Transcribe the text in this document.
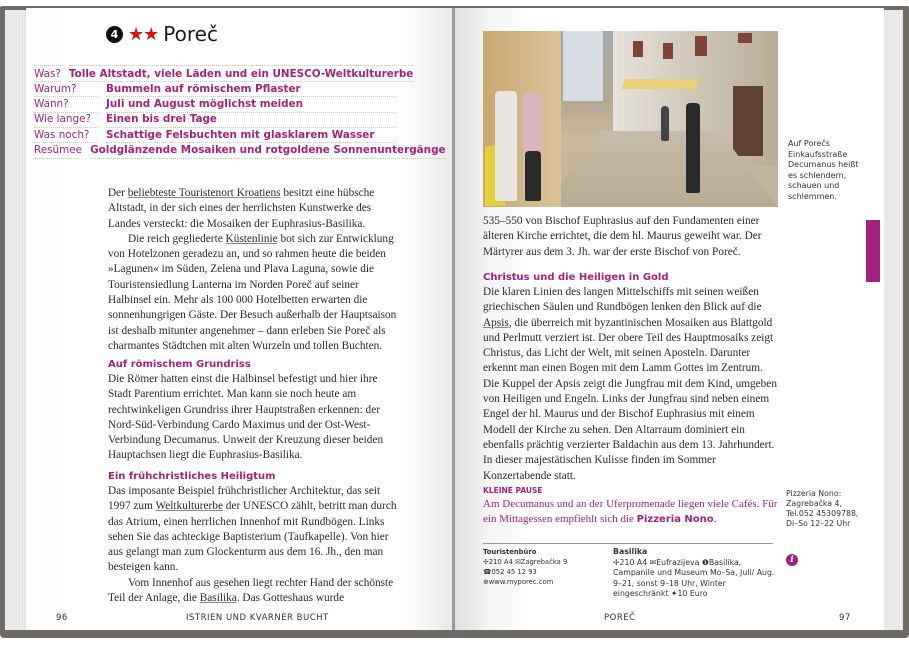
4 ★★ Poreč
Was? Tolle Altstadt, viele Läden und ein UNESCO-Weltkulturerbe
Warum?	Bummeln auf römischem Pflaster
Wann?	Juli und August möglichst meiden
Wie lange?	Einen bis drei Tage
Was noch?	Schattige Felsbuchten mit glasklarem Wasser
Resümee Goldglänzende Mosaiken und rotgoldene Sonnenuntergänge

Der beliebteste Touristenort Kroatiens besitzt eine hübsche Altstadt, in der sich eines der herrlichsten Kunstwerke des Landes versteckt: die Mosaiken der Euphrasius-Basilika.

Die reich gegliederte Küstenlinie bot sich zur Entwicklung von Hotelzonen geradezu an, und so rahmen heute die beiden »Lagunen« im Süden, Zelena und Plava Laguna, sowie die Touristensiedlung Lanterna im Norden Poreč auf seiner Halbinsel ein. Mehr als 100 000 Hotelbetten erwarten die sonnenhungrigen Gäste. Der Besuch außerhalb der Hauptsaison ist deshalb mitunter angenehmer – dann erleben Sie Poreč als charmantes Städtchen mit alten Wurzeln und tollen Buchten.

Auf römischem Grundriss

Die Römer hatten einst die Halbinsel befestigt und hier ihre Stadt Parentium errichtet. Man kann sie noch heute am rechtwinkeligen Grundriss ihrer Hauptstraßen erkennen: der Nord-Süd-Verbindung Cardo Maximus und der Ost-West-Verbindung Decumanus. Unweit der Kreuzung dieser beiden Hauptachsen liegt die Euphrasius-Basilika.

Ein frühchristliches Heiligtum

Das imposante Beispiel frühchristlicher Architektur, das seit 1997 zum Weltkulturerbe der UNESCO zählt, betritt man durch das Atrium, einen herrlichen Innenhof mit Rundbögen. Links sehen Sie das achteckige Baptisterium (Taufkapelle). Von hier aus gelangt man zum Glockenturm aus dem 16. Jh., den man besteigen kann.

Vom Innenhof aus gesehen liegt rechter Hand der schönste Teil der Anlage, die Basilika. Das Gotteshaus wurde

96	ISTRIEN UND KVARNER BUCHT
Auf Porečs Einkaufsstraße Decumanus heißt es schlendern, schauen und schlemmen.
535–550 von Bischof Euphrasius auf den Fundamenten einer älteren Kirche errichtet, die dem hl. Maurus geweiht war. Der Märtyrer aus dem 3. Jh. war der erste Bischof von Poreč.

Christus und die Heiligen in Gold

Die klaren Linien des langen Mittelschiffs mit seinen weißen griechischen Säulen und Rundbögen lenken den Blick auf die Apsis, die überreich mit byzantinischen Mosaiken aus Blattgold und Perlmutt verziert ist. Der obere Teil des Hauptmosaiks zeigt Christus, das Licht der Welt, mit seinen Aposteln. Darunter erkennt man einen Bogen mit dem Lamm Gottes im Zentrum. Die Kuppel der Apsis zeigt die Jungfrau mit dem Kind, umgeben von Heiligen und Engeln. Links der Jungfrau sind neben einem Engel der hl. Maurus und der Bischof Euphrasius mit einem Modell der Kirche zu sehen. Den Altarraum dominiert ein ebenfalls prächtig verzierter Baldachin aus dem 13. Jahrhundert. In dieser majestätischen Kulisse finden im Sommer Konzertabende statt.

KLEINE PAUSE
Am Decumanus und an der Uferpromenade liegen viele Cafés. Für ein Mittagessen empfiehlt sich die Pizzeria Nono.
Pizzeria Nono:
Zagrebačka 4,
Tel.052 45309788,
Di–So 12–22 Uhr
Touristenbüro
✢210 A4 ✉Zagrebačka 9
☎052 45 12 93 ⊕www.myporec.com
Basilika
✢210 A4 ✉Eufrazijeva ❶Basilika, Campanile und Museum Mo–Sa, Juli/ Aug. 9–21, sonst 9–18 Uhr, Winter eingeschränkt ✦10 Euro
i
POREČ	97
